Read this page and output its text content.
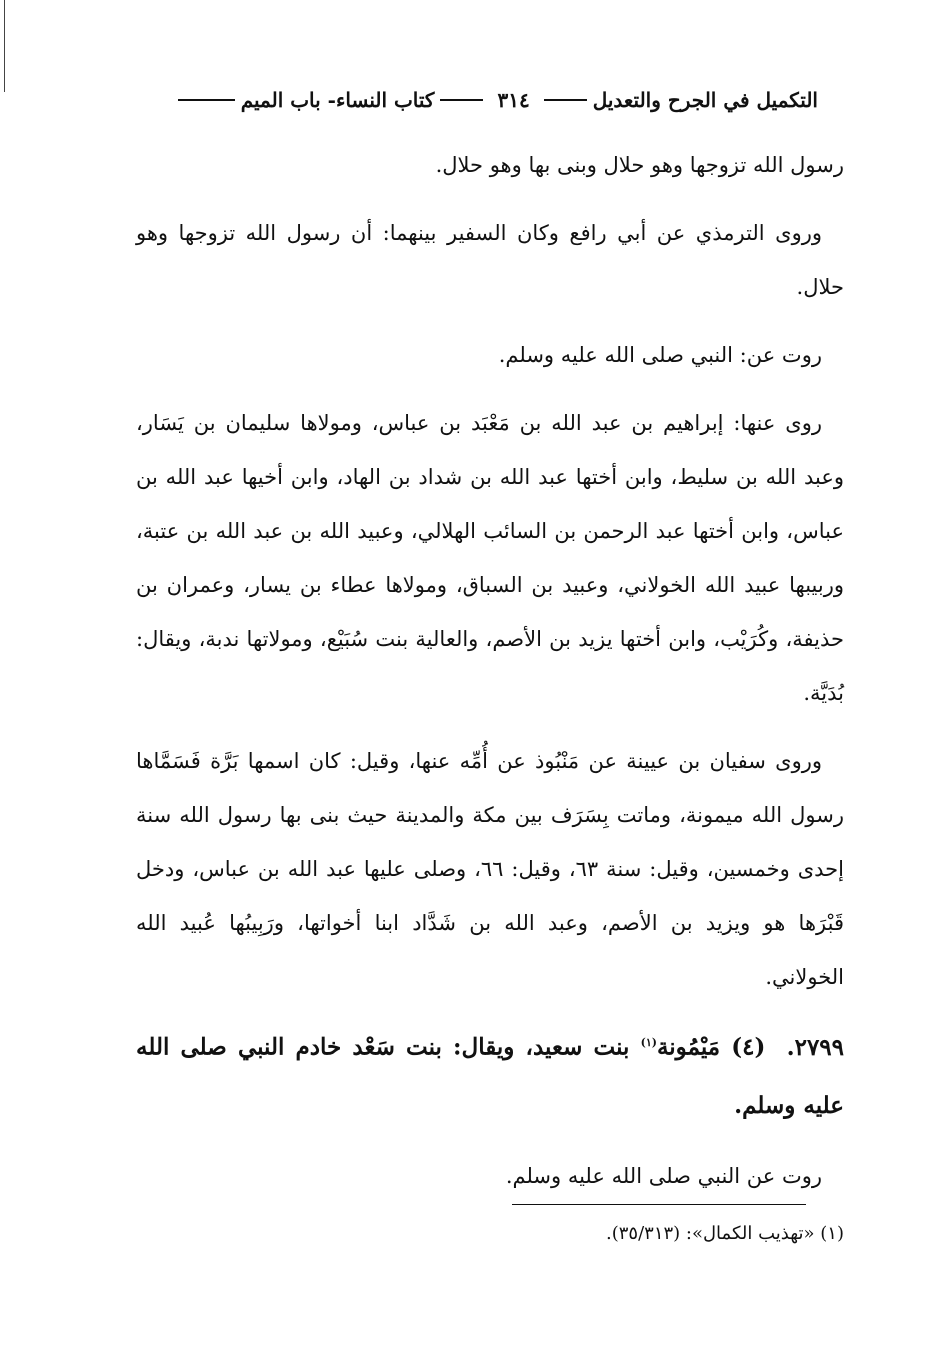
التكميل في الجرح والتعديل
٣١٤
كتاب النساء- باب الميم

رسول الله تزوجها وهو حلال وبنى بها وهو حلال.

وروى الترمذي عن أبي رافع وكان السفير بينهما: أن رسول الله تزوجها وهو حلال.

روت عن: النبي صلى الله عليه وسلم.

روى عنها: إبراهيم بن عبد الله بن مَعْبَد بن عباس، ومولاها سليمان بن يَسَار، وعبد الله بن سليط، وابن أختها عبد الله بن شداد بن الهاد، وابن أخيها عبد الله بن عباس، وابن أختها عبد الرحمن بن السائب الهلالي، وعبيد الله بن عبد الله بن عتبة، وربيبها عبيد الله الخولاني، وعبيد بن السباق، ومولاها عطاء بن يسار، وعمران بن حذيفة، وكُرَيْب، وابن أختها يزيد بن الأصم، والعالية بنت سُبَيْع، ومولاتها ندبة، ويقال: بُدَيَّة.

وروى سفيان بن عيينة عن مَنْبُوذ عن أُمِّه عنها، وقيل: كان اسمها بَرَّة فَسَمَّاها رسول الله ميمونة، وماتت بِسَرَف بين مكة والمدينة حيث بنى بها رسول الله سنة إحدى وخمسين، وقيل: سنة ٦٣، وقيل: ٦٦، وصلى عليها عبد الله بن عباس، ودخل قَبْرَها هو ويزيد بن الأصم، وعبد الله بن شَدَّاد ابنا أخواتها، ورَبِيبُها عُبيد الله الخولاني.

٢٧٩٩. (٤) مَيْمُونة$^{(١)}$ بنت سعيد، ويقال: بنت سَعْد خادم النبي صلى الله عليه وسلم.

روت عن النبي صلى الله عليه وسلم.

(١) «تهذيب الكمال»: (٣٥/٣١٣).
